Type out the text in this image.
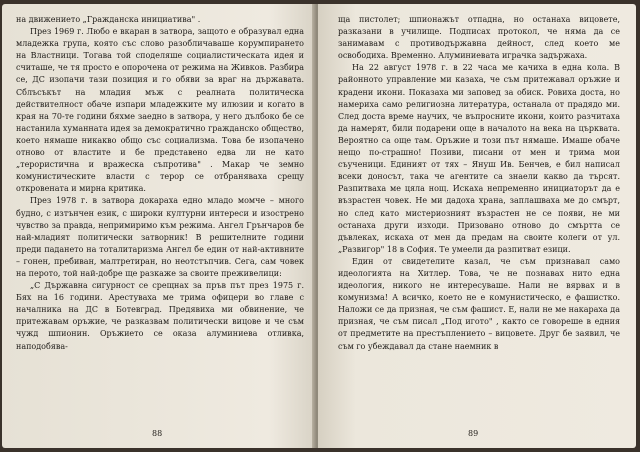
на движението „Гражданска инициатива" .

През 1969 г. Любо е вкаран в затвора, защото е образувал една младежка група, която със слово разобличаваше корумпирането на Властници. Тогава той сподeляше социалистическата идея и считаше, че тя просто е опорочена от режима на Живков. Разбира се, ДС изопачи тази позиция и го обяви за враг на държавата. Сблъсъкът на младия мъж с реалната политическа действителност обаче изпари младежките му илюзии и когато в края на 70-те години бяхме заедно в затвора, у него дълбоко бе се настанила хуманната идея за демократично гражданско общество, което нямаше никакво общо със социализма. Това бе изопачено отново от властите и бе представено едва ли не като „терористична и вражеска съпротива" . Макар че земно комунистическите власти с терор се отбраняваха срещу откровената и мирна критика.

През 1978 г. в затвора докараха едно младо момче – много будно, с изтънчен език, с широки културни интереси и изострено чувство за правда, непримиримо към режима. Ангел Грънчаров бе най-младият политически затворник! В решителните години преди падането на тоталитаризма Ангел бе един от най-активните – гонен, пребиван, малтретиран, но неотстъпчив. Сега, сам човек на перото, той най-добре ще разкаже за своите преживелици:

„С Държавна сигурност се срещнах за пръв път през 1975 г. Бях на 16 години. Арестуваха ме трима офицери во главе с началника на ДС в Ботевград. Предявиха ми обвинение, че притежавам оръжие, че разказвам политически вицове и че съм чужд шпионин. Оръжието се оказа алуминиева отливка, наподобява-

88

ща пистолет; шпионажът отпадна, но останаха вицовете, разказани в училище. Подписах протокол, че няма да се занимавам с противодържавна дейност, след което ме освободиха. Временно. Алуминиевата играчка задържаха.

На 22 август 1978 г. в 22 часа ме качиха в една кола. В районното управление ми казаха, че съм притежавал оръжие и крадени икони. Показаха ми заповед за обиск. Ровиха доста, но намериха само религиозна литература, останала от прадядо ми. След доста време научих, че въпросните икони, които разчитаха да намерят, били подарени още в началото на века на църквата. Вероятно са още там. Оръжие и този път нямаше. Имаше обаче нещо по-страшно! Позиви, писани от мен и трима мои съученици. Единият от тях – Януш Ив. Бенчев, е бил написал всеки доносът, така че агентите са знаели какво да търсят. Разпитваха ме цяла нощ. Искаха непременно инициаторът да е възрастен човек. Не ми дадоха храна, заплашваха ме до смърт, но след като мистериозният възрастен не се появи, не ми останаха други изходи. Призовано отново до смъртта се дъвлеках, искаха от мен да предам на своите колеги от ул. „Развигор" 18 в София. Те умеели да разпитват езици.

Един от свидетелите казал, че съм признавал само идеологията на Хитлер. Това, че не познавах нито една идеология, никого не интересуваше. Нали не вярвах и в комунизма! А всичко, което не е комунистическо, е фашистко. Наложи се да призная, че съм фашист. Е, нали не ме накараха да призная, че съм писал „Под игото" , както се говореше в едния от предметите на престъплението – вицовете. Друг бе заявил, че съм го убеждавал да стане наемник в

89
